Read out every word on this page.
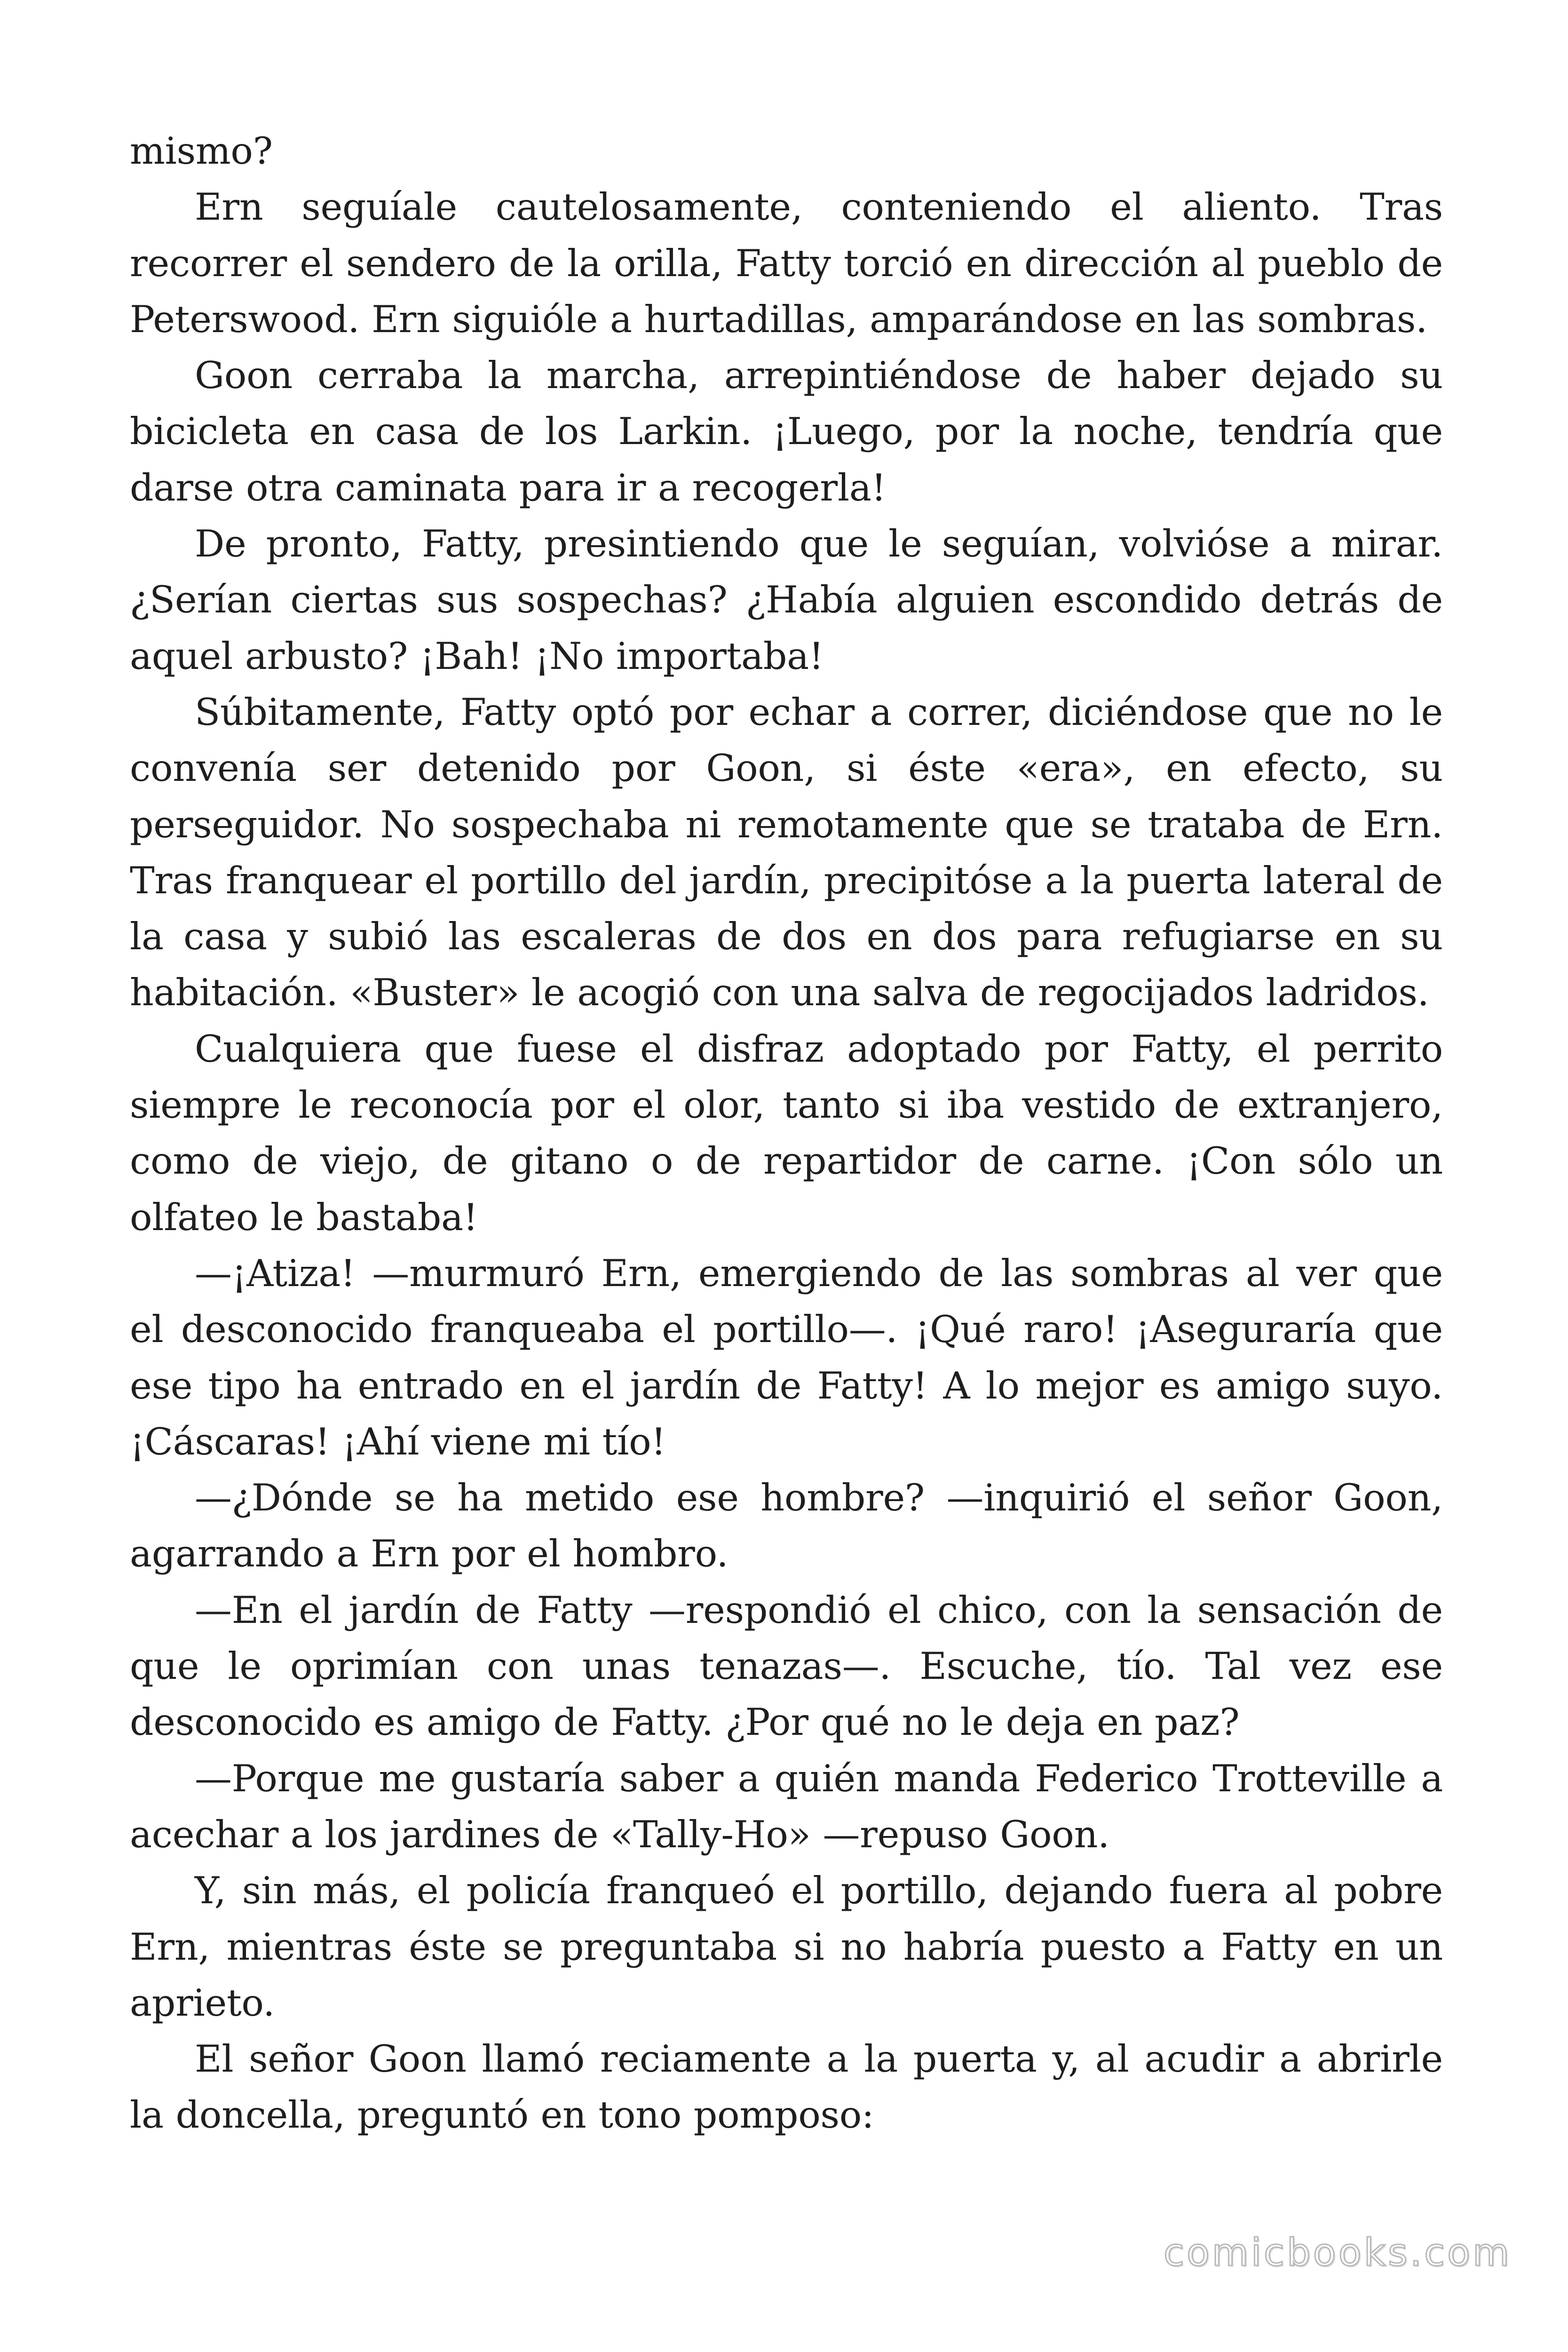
mismo?

Ern seguíale cautelosamente, conteniendo el aliento. Tras recorrer el sendero de la orilla, Fatty torció en dirección al pueblo de Peterswood. Ern siguióle a hurtadillas, amparándose en las sombras.

Goon cerraba la marcha, arrepintiéndose de haber dejado su bicicleta en casa de los Larkin. ¡Luego, por la noche, tendría que darse otra caminata para ir a recogerla!

De pronto, Fatty, presintiendo que le seguían, volvióse a mirar. ¿Serían ciertas sus sospechas? ¿Había alguien escondido detrás de aquel arbusto? ¡Bah! ¡No importaba!

Súbitamente, Fatty optó por echar a correr, diciéndose que no le convenía ser detenido por Goon, si éste «era», en efecto, su perseguidor. No sospechaba ni remotamente que se trataba de Ern. Tras franquear el portillo del jardín, precipitóse a la puerta lateral de la casa y subió las escaleras de dos en dos para refugiarse en su habitación. «Buster» le acogió con una salva de regocijados ladridos.

Cualquiera que fuese el disfraz adoptado por Fatty, el perrito siempre le reconocía por el olor, tanto si iba vestido de extranjero, como de viejo, de gitano o de repartidor de carne. ¡Con sólo un olfateo le bastaba!

—¡Atiza! —murmuró Ern, emergiendo de las sombras al ver que el desconocido franqueaba el portillo—. ¡Qué raro! ¡Aseguraría que ese tipo ha entrado en el jardín de Fatty! A lo mejor es amigo suyo. ¡Cáscaras! ¡Ahí viene mi tío!

—¿Dónde se ha metido ese hombre? —inquirió el señor Goon, agarrando a Ern por el hombro.

—En el jardín de Fatty —respondió el chico, con la sensación de que le oprimían con unas tenazas—. Escuche, tío. Tal vez ese desconocido es amigo de Fatty. ¿Por qué no le deja en paz?

—Porque me gustaría saber a quién manda Federico Trotteville a acechar a los jardines de «Tally-Ho» —repuso Goon.

Y, sin más, el policía franqueó el portillo, dejando fuera al pobre Ern, mientras éste se preguntaba si no habría puesto a Fatty en un aprieto.

El señor Goon llamó reciamente a la puerta y, al acudir a abrirle la doncella, preguntó en tono pomposo:

comicbooks.com
